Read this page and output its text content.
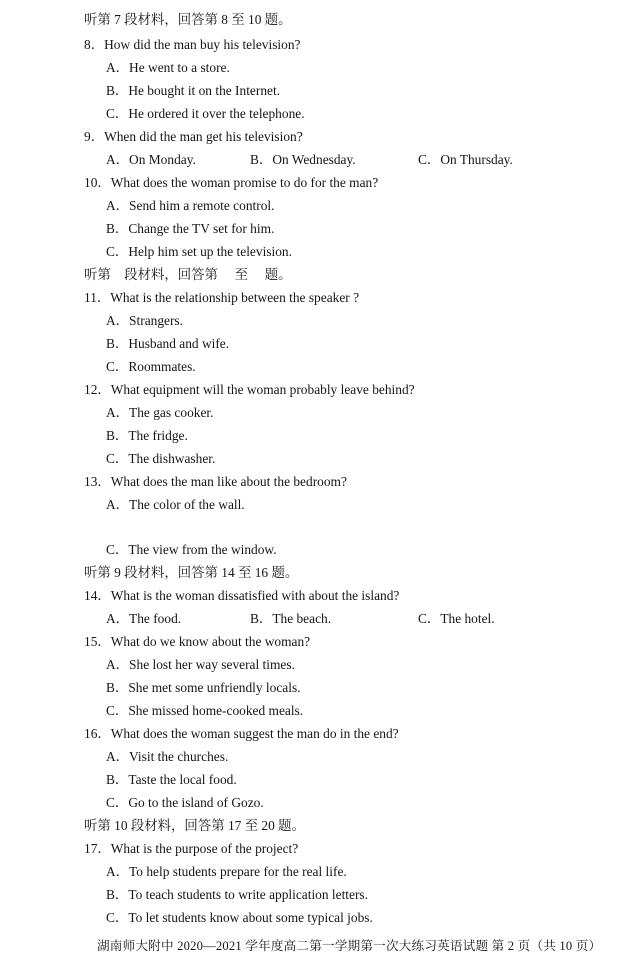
听第 7 段材料，回答第 8 至 10 题。
8．How did the man buy his television?
A．He went to a store.
B．He bought it on the Internet.
C．He ordered it over the telephone.
9．When did the man get his television?
A．On Monday.	B．On Wednesday.	C．On Thursday.
10．What does the woman promise to do for the man?
A．Send him a remote control.
B．Change the TV set for him.
C．Help him set up the television.
听第　段材料，回答第　 至　 题。
11．What is the relationship between the speaker ?
A．Strangers.
B．Husband and wife.
C．Roommates.
12．What equipment will the woman probably leave behind?
A．The gas cooker.
B．The fridge.
C．The dishwasher.
13．What does the man like about the bedroom?
A．The color of the wall.
C．The view from the window.
听第 9 段材料，回答第 14 至 16 题。
14．What is the woman dissatisfied with about the island?
A．The food.	B．The beach.	C．The hotel.
15．What do we know about the woman?
A．She lost her way several times.
B．She met some unfriendly locals.
C．She missed home-cooked meals.
16．What does the woman suggest the man do in the end?
A．Visit the churches.
B．Taste the local food.
C．Go to the island of Gozo.
听第 10 段材料，回答第 17 至 20 题。
17．What is the purpose of the project?
A．To help students prepare for the real life.
B．To teach students to write application letters.
C．To let students know about some typical jobs.
湖南师大附中 2020—2021 学年度高二第一学期第一次大练习英语试题 第 2 页（共 10 页）
